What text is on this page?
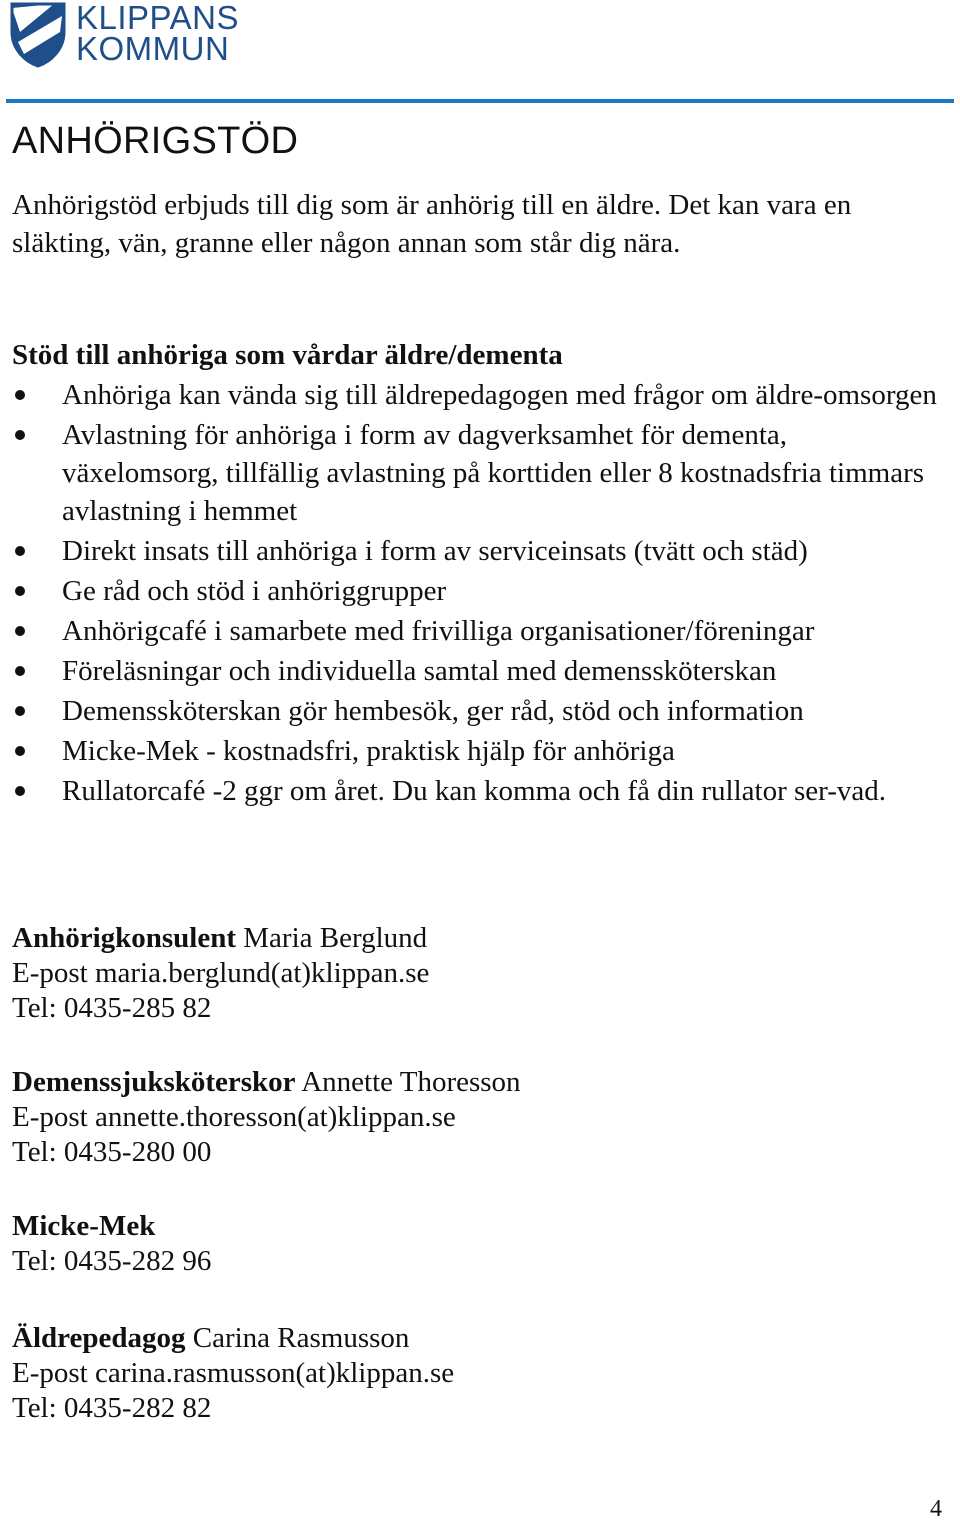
KLIPPANS
KOMMUN
ANHÖRIGSTÖD

Anhörigstöd erbjuds till dig som är anhörig till en äldre. Det kan vara en släkting, vän, granne eller någon annan som står dig nära.

Stöd till anhöriga som vårdar äldre/dementa
Anhöriga kan vända sig till äldrepedagogen med frågor om äldre-omsorgen
Avlastning för anhöriga i form av dagverksamhet för dementa, växelomsorg, tillfällig avlastning på korttiden eller 8 kostnadsfria timmars avlastning i hemmet
Direkt insats till anhöriga i form av serviceinsats (tvätt och städ)
Ge råd och stöd i anhöriggrupper
Anhörigcafé i samarbete med frivilliga organisationer/föreningar
Föreläsningar och individuella samtal med demenssköterskan
Demenssköterskan gör hembesök, ger råd, stöd och information
Micke-Mek - kostnadsfri, praktisk hjälp för anhöriga
Rullatorcafé -2 ggr om året. Du kan komma och få din rullator ser-vad.
Anhörigkonsulent Maria Berglund
E-post maria.berglund(at)klippan.se
Tel: 0435-285 82
Demenssjuksköterskor Annette Thoresson
E-post annette.thoresson(at)klippan.se
Tel: 0435-280 00
Micke-Mek
Tel: 0435-282 96
Äldrepedagog Carina Rasmusson
E-post carina.rasmusson(at)klippan.se
Tel: 0435-282 82
4
